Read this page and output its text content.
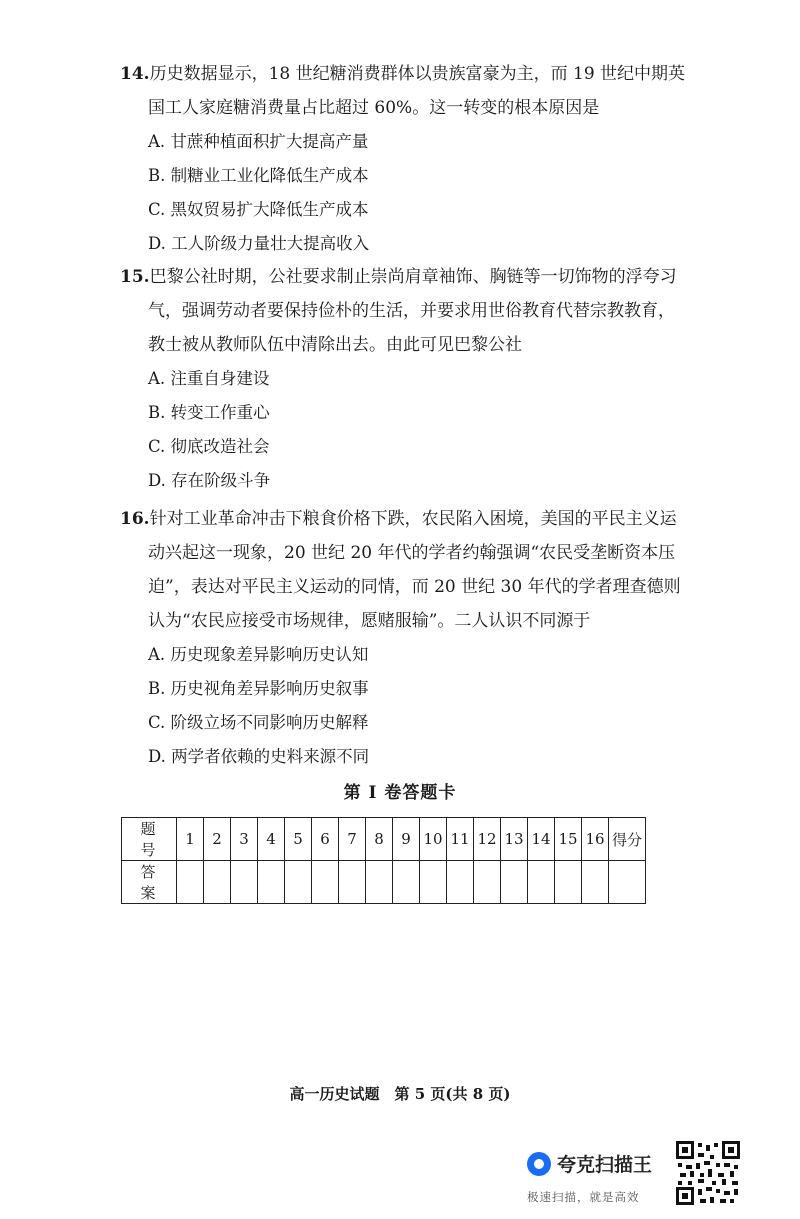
14.历史数据显示，18 世纪糖消费群体以贵族富豪为主，而 19 世纪中期英
国工人家庭糖消费量占比超过 60%。这一转变的根本原因是

A. 甘蔗种植面积扩大提高产量

B. 制糖业工业化降低生产成本

C. 黑奴贸易扩大降低生产成本

D. 工人阶级力量壮大提高收入

15.巴黎公社时期，公社要求制止崇尚肩章袖饰、胸链等一切饰物的浮夸习
气，强调劳动者要保持俭朴的生活，并要求用世俗教育代替宗教教育，
教士被从教师队伍中清除出去。由此可见巴黎公社

A. 注重自身建设

B. 转变工作重心

C. 彻底改造社会

D. 存在阶级斗争

16.针对工业革命冲击下粮食价格下跌，农民陷入困境，美国的平民主义运
动兴起这一现象，20 世纪 20 年代的学者约翰强调“农民受垄断资本压
迫”，表达对平民主义运动的同情，而 20 世纪 30 年代的学者理查德则
认为“农民应接受市场规律，愿赌服输”。二人认识不同源于

A. 历史现象差异影响历史认知

B. 历史视角差异影响历史叙事

C. 阶级立场不同影响历史解释

D. 两学者依赖的史料来源不同

第 I 卷答题卡
题 号	1	2	3	4	5	6	7	8	9	10	11	12	13	14	15	16	得分
答 案																	
高一历史试题　第 5 页(共 8 页)
夸克扫描王
极速扫描，就是高效
